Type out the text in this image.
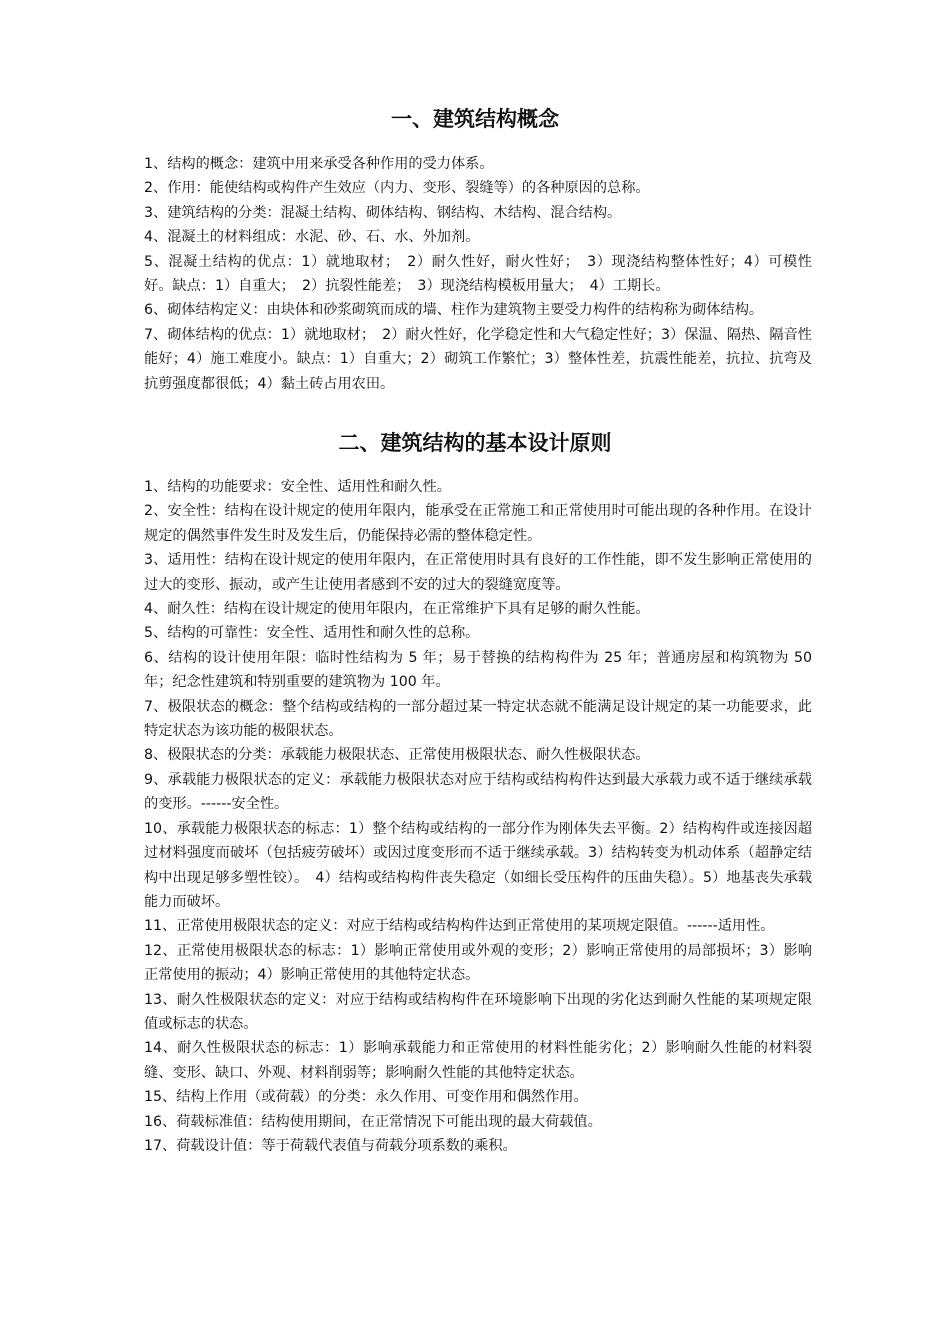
一、建筑结构概念

1、结构的概念：建筑中用来承受各种作用的受力体系。

2、作用：能使结构或构件产生效应（内力、变形、裂缝等）的各种原因的总称。

3、建筑结构的分类：混凝土结构、砌体结构、钢结构、木结构、混合结构。

4、混凝土的材料组成：水泥、砂、石、水、外加剂。

5、混凝土结构的优点：1）就地取材；　2）耐久性好，耐火性好；　3）现浇结构整体性好；4）可模性好。缺点：1）自重大；　2）抗裂性能差；　3）现浇结构模板用量大；　4）工期长。

6、砌体结构定义：由块体和砂浆砌筑而成的墙、柱作为建筑物主要受力构件的结构称为砌体结构。

7、砌体结构的优点：1）就地取材；　2）耐火性好，化学稳定性和大气稳定性好；3）保温、隔热、隔音性能好；4）施工难度小。缺点：1）自重大；2）砌筑工作繁忙；3）整体性差，抗震性能差，抗拉、抗弯及抗剪强度都很低；4）黏土砖占用农田。

二、建筑结构的基本设计原则

1、结构的功能要求：安全性、适用性和耐久性。

2、安全性：结构在设计规定的使用年限内，能承受在正常施工和正常使用时可能出现的各种作用。在设计规定的偶然事件发生时及发生后，仍能保持必需的整体稳定性。

3、适用性：结构在设计规定的使用年限内，在正常使用时具有良好的工作性能，即不发生影响正常使用的过大的变形、振动，或产生让使用者感到不安的过大的裂缝宽度等。

4、耐久性：结构在设计规定的使用年限内，在正常维护下具有足够的耐久性能。

5、结构的可靠性：安全性、适用性和耐久性的总称。

6、结构的设计使用年限：临时性结构为 5 年；易于替换的结构构件为 25 年；普通房屋和构筑物为 50 年；纪念性建筑和特别重要的建筑物为 100 年。

7、极限状态的概念：整个结构或结构的一部分超过某一特定状态就不能满足设计规定的某一功能要求，此特定状态为该功能的极限状态。

8、极限状态的分类：承载能力极限状态、正常使用极限状态、耐久性极限状态。

9、承载能力极限状态的定义：承载能力极限状态对应于结构或结构构件达到最大承载力或不适于继续承载的变形。------安全性。

10、承载能力极限状态的标志：1）整个结构或结构的一部分作为刚体失去平衡。2）结构构件或连接因超过材料强度而破坏（包括疲劳破坏）或因过度变形而不适于继续承载。3）结构转变为机动体系（超静定结构中出现足够多塑性铰）。　4）结构或结构构件丧失稳定（如细长受压构件的压曲失稳）。5）地基丧失承载能力而破坏。

11、正常使用极限状态的定义：对应于结构或结构构件达到正常使用的某项规定限值。------适用性。

12、正常使用极限状态的标志：1）影响正常使用或外观的变形；2）影响正常使用的局部损坏；3）影响正常使用的振动；4）影响正常使用的其他特定状态。

13、耐久性极限状态的定义：对应于结构或结构构件在环境影响下出现的劣化达到耐久性能的某项规定限值或标志的状态。

14、耐久性极限状态的标志：1）影响承载能力和正常使用的材料性能劣化；2）影响耐久性能的材料裂缝、变形、缺口、外观、材料削弱等；影响耐久性能的其他特定状态。

15、结构上作用（或荷载）的分类：永久作用、可变作用和偶然作用。

16、荷载标准值：结构使用期间，在正常情况下可能出现的最大荷载值。

17、荷载设计值：等于荷载代表值与荷载分项系数的乘积。
